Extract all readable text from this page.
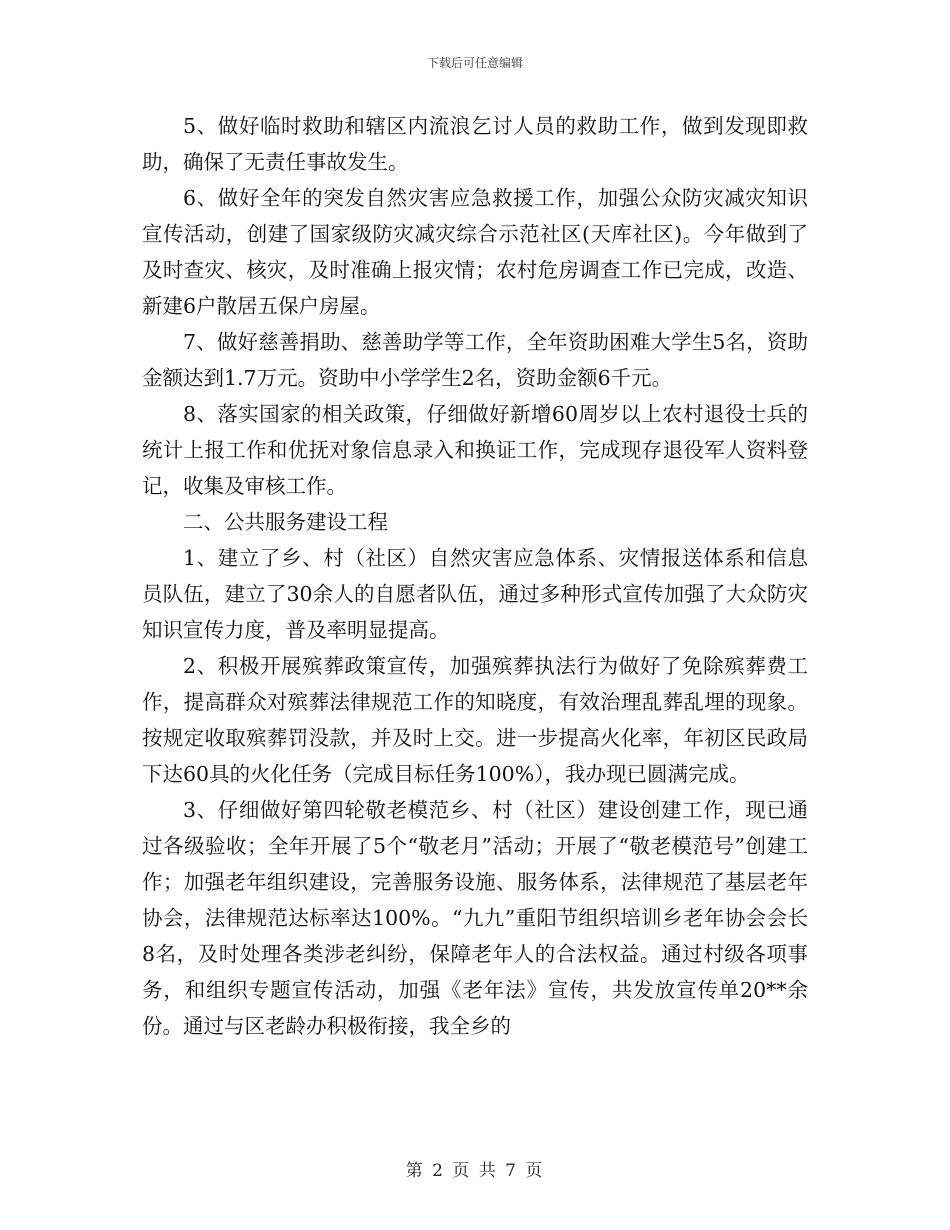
下载后可任意编辑

5、做好临时救助和辖区内流浪乞讨人员的救助工作，做到发现即救助，确保了无责任事故发生。

6、做好全年的突发自然灾害应急救援工作，加强公众防灾减灾知识宣传活动，创建了国家级防灾减灾综合示范社区(天库社区)。今年做到了及时查灾、核灾，及时准确上报灾情；农村危房调查工作已完成，改造、新建6户散居五保户房屋。

7、做好慈善捐助、慈善助学等工作，全年资助困难大学生5名，资助金额达到1.7万元。资助中小学学生2名，资助金额6千元。

8、落实国家的相关政策，仔细做好新增60周岁以上农村退役士兵的统计上报工作和优抚对象信息录入和换证工作，完成现存退役军人资料登记，收集及审核工作。

二、公共服务建设工程

1、建立了乡、村（社区）自然灾害应急体系、灾情报送体系和信息员队伍，建立了30余人的自愿者队伍，通过多种形式宣传加强了大众防灾知识宣传力度，普及率明显提高。

2、积极开展殡葬政策宣传，加强殡葬执法行为做好了免除殡葬费工作，提高群众对殡葬法律规范工作的知晓度，有效治理乱葬乱埋的现象。按规定收取殡葬罚没款，并及时上交。进一步提高火化率，年初区民政局下达60具的火化任务（完成目标任务100%），我办现已圆满完成。

3、仔细做好第四轮敬老模范乡、村（社区）建设创建工作，现已通过各级验收；全年开展了5个“敬老月”活动；开展了“敬老模范号”创建工作；加强老年组织建设，完善服务设施、服务体系，法律规范了基层老年协会，法律规范达标率达100%。“九九”重阳节组织培训乡老年协会会长8名，及时处理各类涉老纠纷，保障老年人的合法权益。通过村级各项事务，和组织专题宣传活动，加强《老年法》宣传，共发放宣传单20**余份。通过与区老龄办积极衔接，我全乡的

第 2 页 共 7 页
